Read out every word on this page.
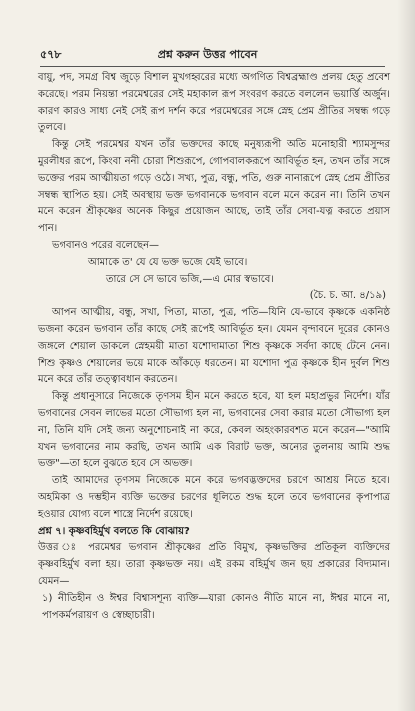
৫৭৮	প্রশ্ন করুন উত্তর পাবেন

বায়ু, পদ, সমগ্র বিশ্ব জুড়ে বিশাল মুখগহ্বরের মধ্যে অগণিত বিশ্বব্রহ্মাণ্ড প্রলয় হেতু প্রবেশ করেছে। পরম নিয়ন্তা পরমেশ্বরের সেই মহাকাল রূপ সংবরণ করতে বললেন ভয়ার্ত্তি অর্জুন। কারণ কারও সাধ্য নেই সেই রূপ দর্শন করে পরমেশ্বরের সঙ্গে স্নেহ প্রেম প্রীতির সম্বন্ধ গড়ে তুলবে।

কিন্তু সেই পরমেশ্বর যখন তাঁর ভক্তদের কাছে মনুষ্যরূপী অতি মনোহারী শ্যামসুন্দর মুরলীধর রূপে, কিংবা ননী চোরা শিশুরূপে, গোপবালকরূপে আবির্ভূত হন, তখন তাঁর সঙ্গে ভক্তের পরম আত্মীয়তা গড়ে ওঠে। সখ্য, পুত্র, বন্ধু, পতি, গুরু নানারূপে স্নেহ প্রেম প্রীতির সম্বন্ধ স্থাপিত হয়। সেই অবস্থায় ভক্ত ভগবানকে ভগবান বলে মনে করেন না। তিনি তখন মনে করেন শ্রীকৃষ্ণের অনেক কিছুর প্রয়োজন আছে, তাই তাঁর সেবা-যত্ন করতে প্রয়াস পান।

ভগবানও পরের বলেছেন—

আমাকে ত' যে যে ভক্ত ভজে যেই ভাবে।

তারে সে সে ভাবে ভজি,—এ মোর স্বভাবে।

(চৈ. চ. আ. ৪/১৯)

আপন আত্মীয়, বন্ধু, সখা, পিতা, মাতা, পুত্র, পতি—যিনি যে-ভাবে কৃষ্ণকে একনিষ্ঠ ভজনা করেন ভগবান তাঁর কাছে সেই রূপেই আবির্ভূত হন। যেমন বৃন্দাবনে দূরের কোনও জঙ্গলে শেয়াল ডাকলে স্নেহময়ী মাতা যশোদামাতা শিশু কৃষ্ণকে সর্বদা কাছে টেনে নেন। শিশু কৃষ্ণও শেয়ালের ভয়ে মাকে আঁকড়ে ধরতেন। মা যশোদা পুত্র কৃষ্ণকে হীন দুর্বল শিশু মনে করে তাঁর তত্ত্বাবধান করতেন।

কিন্তু প্রধানুসারে নিজেকে তৃণসম হীন মনে করতে হবে, যা হল মহাপ্রভুর নির্দেশ। যাঁর ভগবানের সেবন লাভের মতো সৌভাগ্য হল না, ভগবানের সেবা করার মতো সৌভাগ্য হল না, তিনি যদি সেই জন্য অনুশোচনাই না করে, কেবল অহংকারবশত মনে করেন—"আমি যখন ভগবানের নাম করছি, তখন আমি এক বিরাট ভক্ত, অন্যের তুলনায় আমি শুদ্ধ ভক্ত"—তা হলে বুঝতে হবে সে অভক্ত।

তাই আমাদের তৃণসম নিজেকে মনে করে ভগবদ্ভক্তদের চরণে আশ্রয় নিতে হবে। অহমিকা ও দম্ভহীন ব্যক্তি ভক্তের চরণের ধূলিতে শুদ্ধ হলে তবে ভগবানের কৃপাপাত্র হওয়ার যোগ্য বলে শাস্ত্রে নির্দেশ রয়েছে।

প্রশ্ন ৭। কৃষ্ণবহির্মুখ বলতে কি বোঝায়?

উত্তর ঃ পরমেশ্বর ভগবান শ্রীকৃষ্ণের প্রতি বিমুখ, কৃষ্ণভক্তির প্রতিকূল ব্যক্তিদের কৃষ্ণবহির্মুখ বলা হয়। তারা কৃষ্ণভক্ত নয়। এই রকম বহির্মুখ জন ছয় প্রকারের বিদ্যমান। যেমন—

১) নীতিহীন ও ঈশ্বর বিশ্বাসশূন্য ব্যক্তি—যারা কোনও নীতি মানে না, ঈশ্বর মানে না, পাপকর্মপরায়ণ ও স্বেচ্ছাচারী।
